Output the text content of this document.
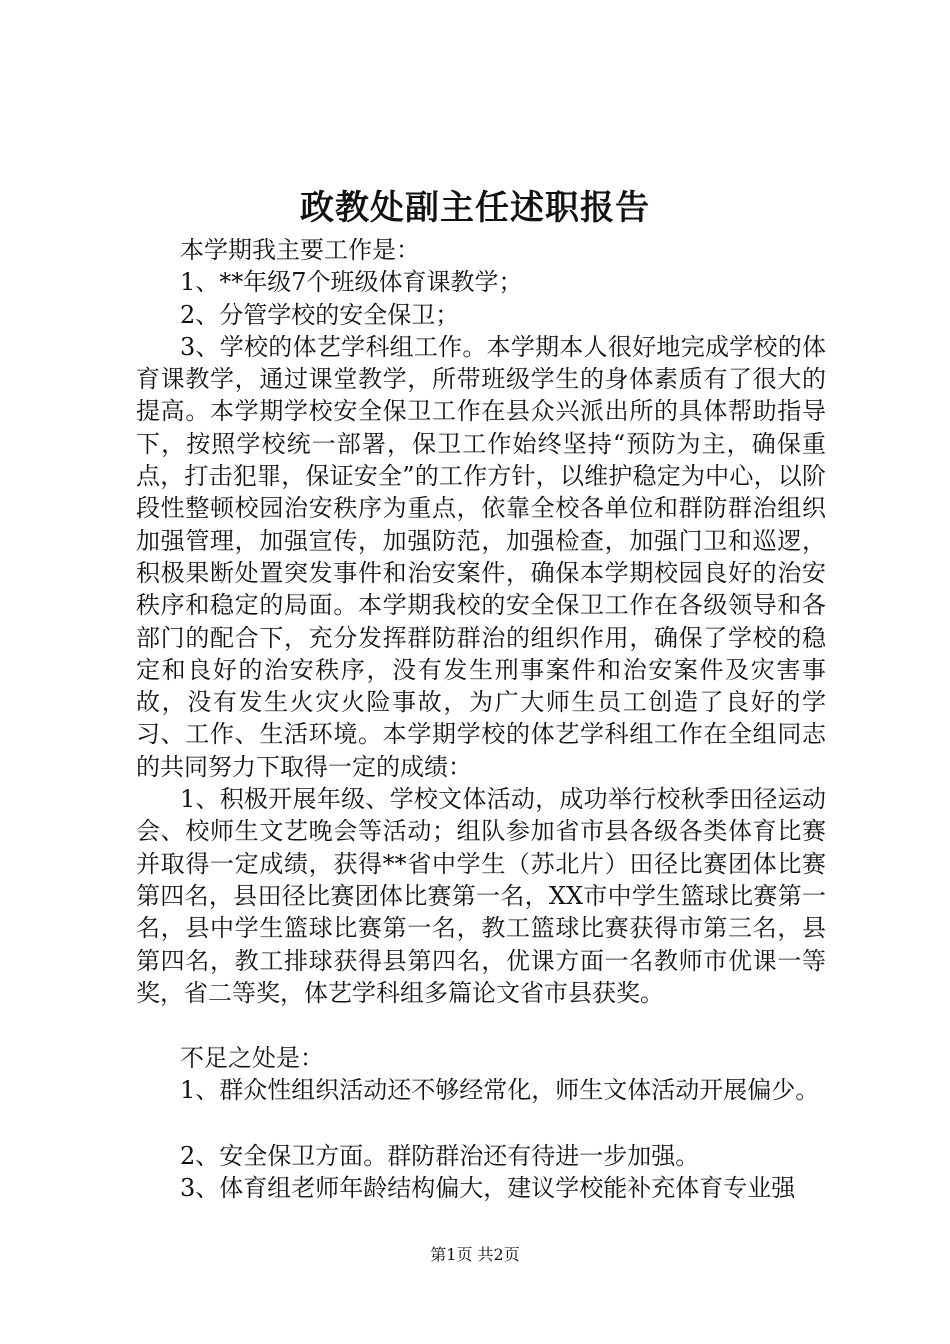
政教处副主任述职报告

本学期我主要工作是：

1、**年级7个班级体育课教学；

2、分管学校的安全保卫；

3、学校的体艺学科组工作。本学期本人很好地完成学校的体育课教学，通过课堂教学，所带班级学生的身体素质有了很大的提高。本学期学校安全保卫工作在县众兴派出所的具体帮助指导下，按照学校统一部署，保卫工作始终坚持“预防为主，确保重点，打击犯罪，保证安全”的工作方针，以维护稳定为中心，以阶段性整顿校园治安秩序为重点，依靠全校各单位和群防群治组织加强管理，加强宣传，加强防范，加强检查，加强门卫和巡逻，积极果断处置突发事件和治安案件，确保本学期校园良好的治安秩序和稳定的局面。本学期我校的安全保卫工作在各级领导和各部门的配合下，充分发挥群防群治的组织作用，确保了学校的稳定和良好的治安秩序，没有发生刑事案件和治安案件及灾害事故，没有发生火灾火险事故，为广大师生员工创造了良好的学习、工作、生活环境。本学期学校的体艺学科组工作在全组同志的共同努力下取得一定的成绩：

1、积极开展年级、学校文体活动，成功举行校秋季田径运动会、校师生文艺晚会等活动；组队参加省市县各级各类体育比赛并取得一定成绩，获得**省中学生（苏北片）田径比赛团体比赛第四名，县田径比赛团体比赛第一名，XX市中学生篮球比赛第一名，县中学生篮球比赛第一名，教工篮球比赛获得市第三名，县第四名，教工排球获得县第四名，优课方面一名教师市优课一等奖，省二等奖，体艺学科组多篇论文省市县获奖。

不足之处是：

1、群众性组织活动还不够经常化，师生文体活动开展偏少。

2、安全保卫方面。群防群治还有待进一步加强。

3、体育组老师年龄结构偏大，建议学校能补充体育专业强

第1页 共2页
